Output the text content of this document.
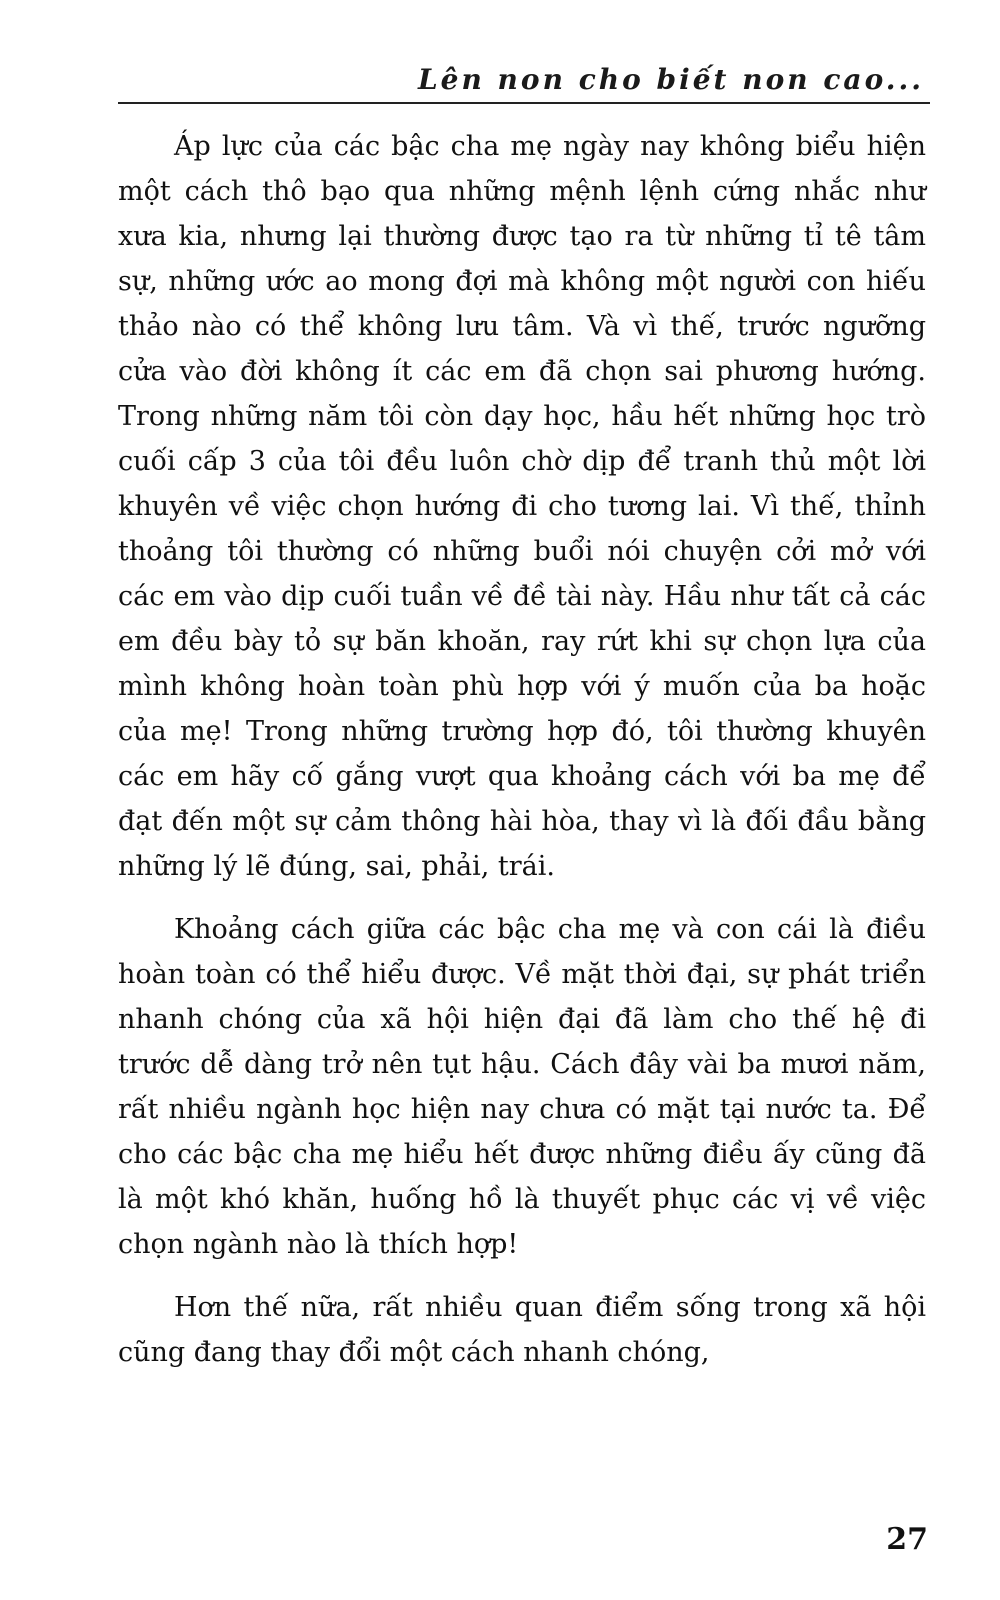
Lên non cho biết non cao...

Áp lực của các bậc cha mẹ ngày nay không biểu hiện một cách thô bạo qua những mệnh lệnh cứng nhắc như xưa kia, nhưng lại thường được tạo ra từ những tỉ tê tâm sự, những ước ao mong đợi mà không một người con hiếu thảo nào có thể không lưu tâm. Và vì thế, trước ngưỡng cửa vào đời không ít các em đã chọn sai phương hướng. Trong những năm tôi còn dạy học, hầu hết những học trò cuối cấp 3 của tôi đều luôn chờ dịp để tranh thủ một lời khuyên về việc chọn hướng đi cho tương lai. Vì thế, thỉnh thoảng tôi thường có những buổi nói chuyện cởi mở với các em vào dịp cuối tuần về đề tài này. Hầu như tất cả các em đều bày tỏ sự băn khoăn, ray rứt khi sự chọn lựa của mình không hoàn toàn phù hợp với ý muốn của ba hoặc của mẹ! Trong những trường hợp đó, tôi thường khuyên các em hãy cố gắng vượt qua khoảng cách với ba mẹ để đạt đến một sự cảm thông hài hòa, thay vì là đối đầu bằng những lý lẽ đúng, sai, phải, trái.

Khoảng cách giữa các bậc cha mẹ và con cái là điều hoàn toàn có thể hiểu được. Về mặt thời đại, sự phát triển nhanh chóng của xã hội hiện đại đã làm cho thế hệ đi trước dễ dàng trở nên tụt hậu. Cách đây vài ba mươi năm, rất nhiều ngành học hiện nay chưa có mặt tại nước ta. Để cho các bậc cha mẹ hiểu hết được những điều ấy cũng đã là một khó khăn, huống hồ là thuyết phục các vị về việc chọn ngành nào là thích hợp!

Hơn thế nữa, rất nhiều quan điểm sống trong xã hội cũng đang thay đổi một cách nhanh chóng,

27
